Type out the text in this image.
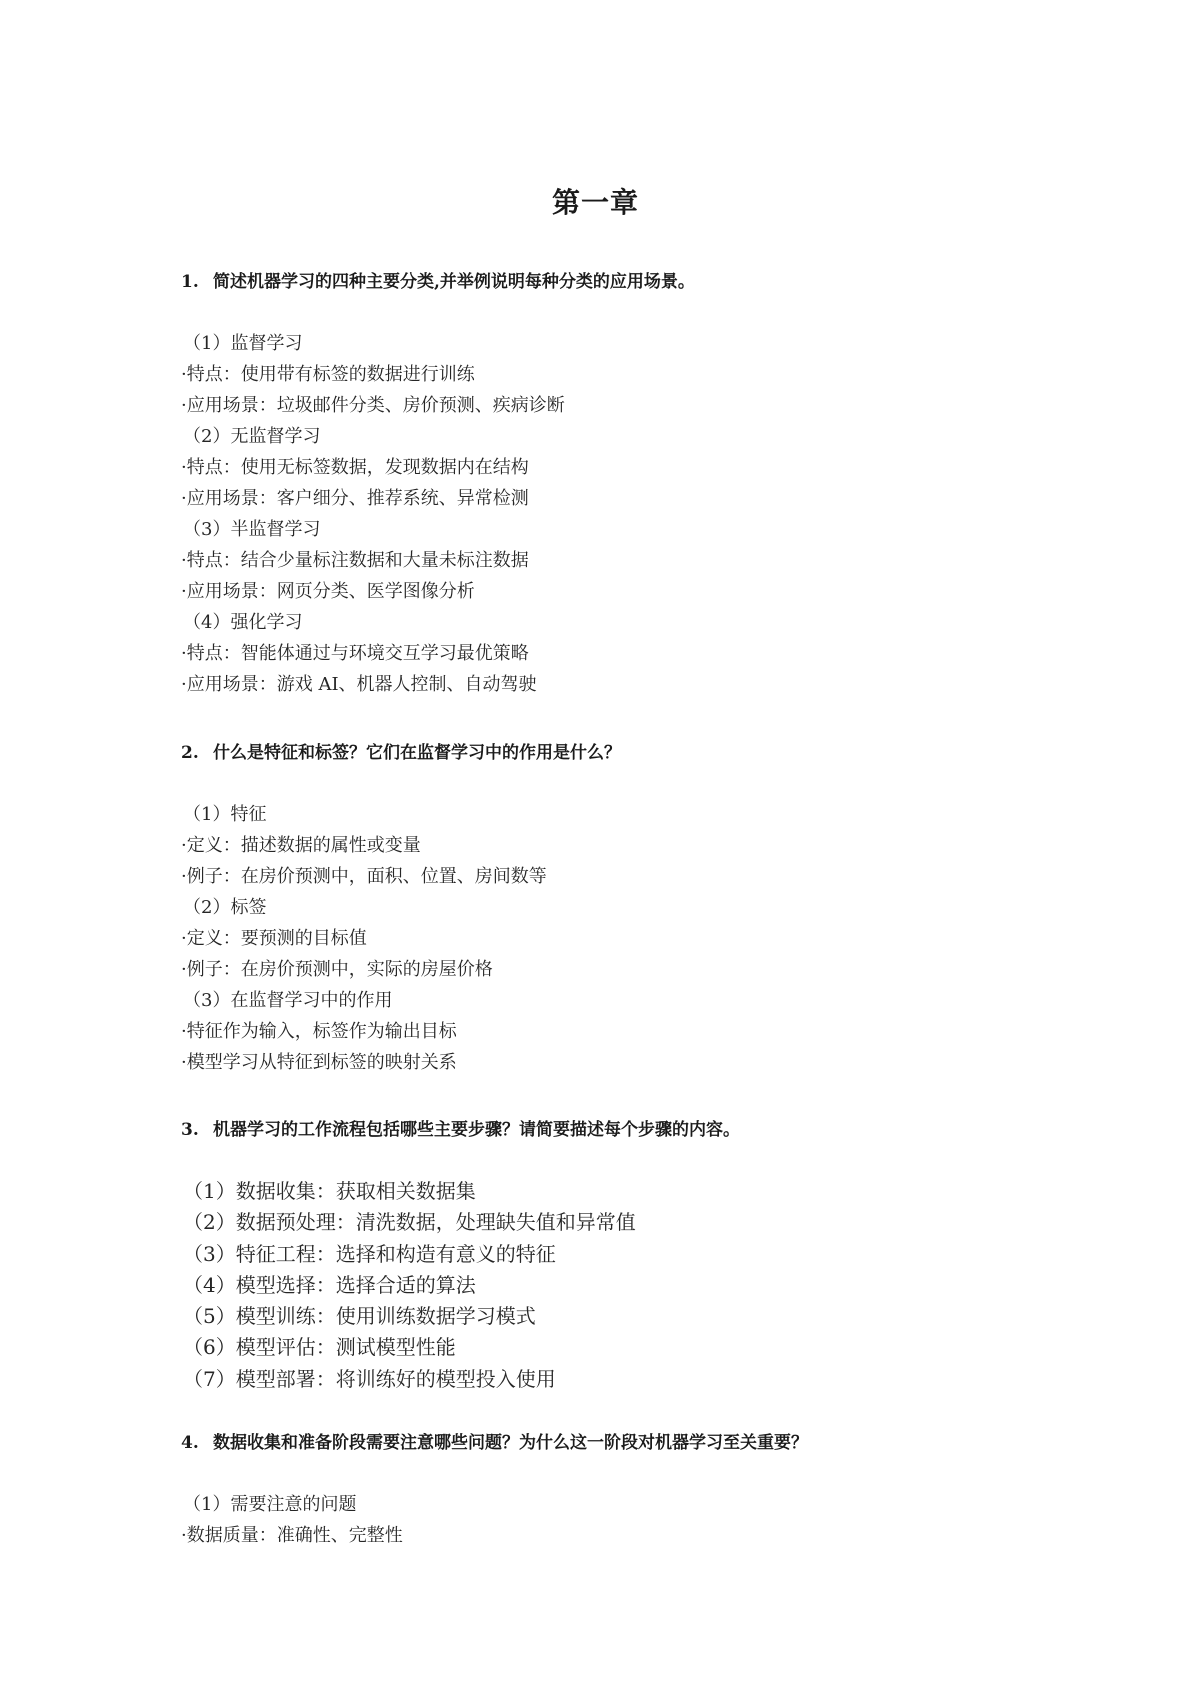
第一章
1. 简述机器学习的四种主要分类,并举例说明每种分类的应用场景。
（1）监督学习
·特点：使用带有标签的数据进行训练
·应用场景：垃圾邮件分类、房价预测、疾病诊断
（2）无监督学习
·特点：使用无标签数据，发现数据内在结构
·应用场景：客户细分、推荐系统、异常检测
（3）半监督学习
·特点：结合少量标注数据和大量未标注数据
·应用场景：网页分类、医学图像分析
（4）强化学习
·特点：智能体通过与环境交互学习最优策略
·应用场景：游戏 AI、机器人控制、自动驾驶
2. 什么是特征和标签？它们在监督学习中的作用是什么？
（1）特征
·定义：描述数据的属性或变量
·例子：在房价预测中，面积、位置、房间数等
（2）标签
·定义：要预测的目标值
·例子：在房价预测中，实际的房屋价格
（3）在监督学习中的作用
·特征作为输入，标签作为输出目标
·模型学习从特征到标签的映射关系
3. 机器学习的工作流程包括哪些主要步骤？请简要描述每个步骤的内容。
（1）数据收集：获取相关数据集
（2）数据预处理：清洗数据，处理缺失值和异常值
（3）特征工程：选择和构造有意义的特征
（4）模型选择：选择合适的算法
（5）模型训练：使用训练数据学习模式
（6）模型评估：测试模型性能
（7）模型部署：将训练好的模型投入使用
4. 数据收集和准备阶段需要注意哪些问题？为什么这一阶段对机器学习至关重要？
（1）需要注意的问题
·数据质量：准确性、完整性
